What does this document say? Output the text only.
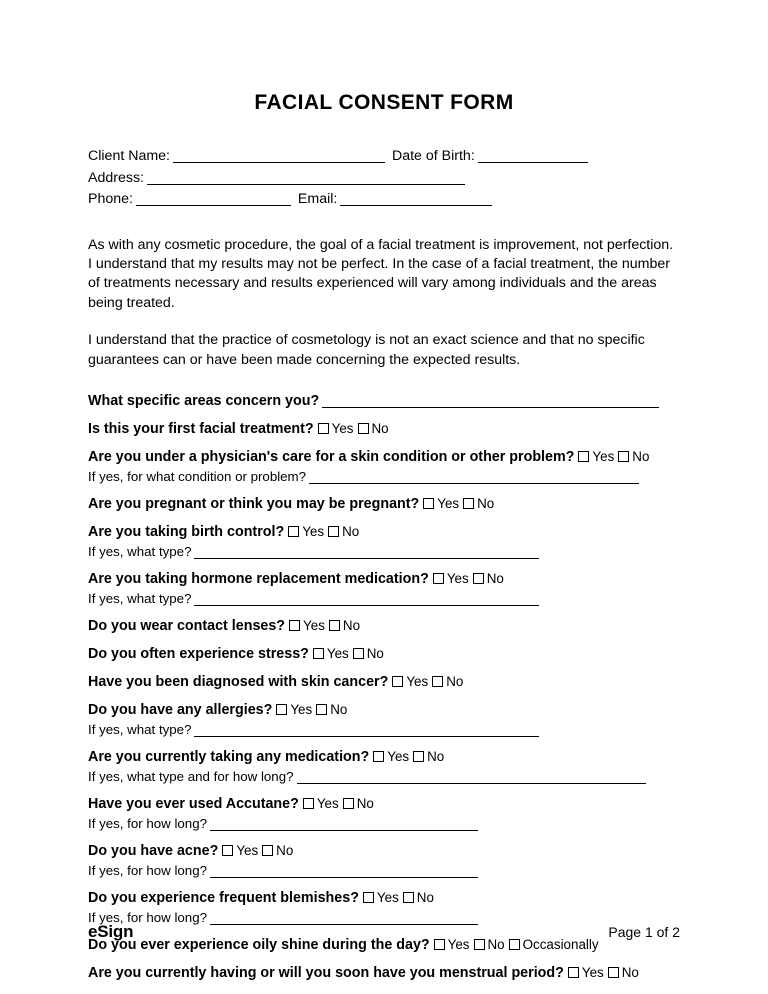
FACIAL CONSENT FORM
Client Name:	Date of Birth:
Address:
Phone:	Email:

As with any cosmetic procedure, the goal of a facial treatment is improvement, not perfection. I understand that my results may not be perfect. In the case of a facial treatment, the number of treatments necessary and results experienced will vary among individuals and the areas being treated.

I understand that the practice of cosmetology is not an exact science and that no specific guarantees can or have been made concerning the expected results.

What specific areas concern you?
Is this your first facial treatment? Yes No
Are you under a physician's care for a skin condition or other problem? Yes No
If yes, for what condition or problem?
Are you pregnant or think you may be pregnant? Yes No
Are you taking birth control? Yes No
If yes, what type?
Are you taking hormone replacement medication? Yes No
If yes, what type?
Do you wear contact lenses? Yes No
Do you often experience stress? Yes No
Have you been diagnosed with skin cancer? Yes No
Do you have any allergies? Yes No
If yes, what type?
Are you currently taking any medication? Yes No
If yes, what type and for how long?
Have you ever used Accutane? Yes No
If yes, for how long?
Do you have acne? Yes No
If yes, for how long?
Do you experience frequent blemishes? Yes No
If yes, for how long?
Do you ever experience oily shine during the day? Yes No Occasionally
Are you currently having or will you soon have you menstrual period? Yes No
eSign	Page 1 of 2
